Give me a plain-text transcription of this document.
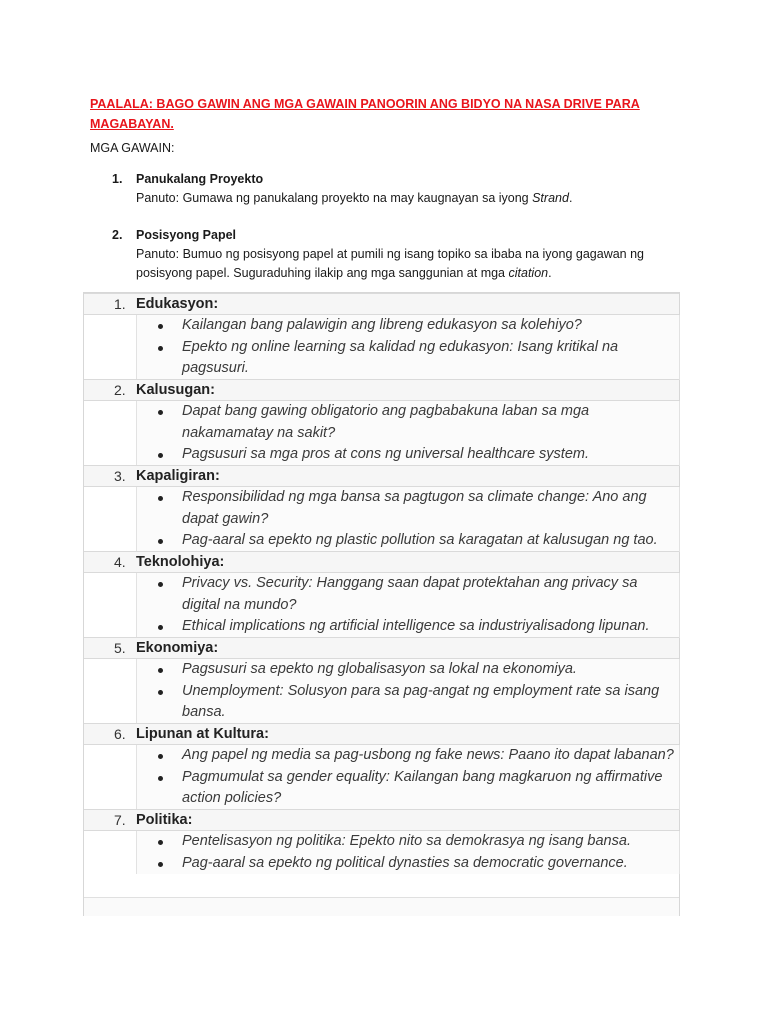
PAALALA: BAGO GAWIN ANG MGA GAWAIN PANOORIN ANG BIDYO NA NASA DRIVE PARA MAGABAYAN.
MGA GAWAIN:
1. Panukalang Proyekto
Panuto: Gumawa ng panukalang proyekto na may kaugnayan sa iyong Strand.
2. Posisyong Papel
Panuto: Bumuo ng posisyong papel at pumili ng isang topiko sa ibaba na iyong gagawan ng posisyong papel. Suguraduhing ilakip ang mga sanggunian at mga citation.
1. Edukasyon:
Kailangan bang palawigin ang libreng edukasyon sa kolehiyo?
Epekto ng online learning sa kalidad ng edukasyon: Isang kritikal na pagsusuri.
2. Kalusugan:
Dapat bang gawing obligatorio ang pagbabakuna laban sa mga nakamamatay na sakit?
Pagsusuri sa mga pros at cons ng universal healthcare system.
3. Kapaligiran:
Responsibilidad ng mga bansa sa pagtugon sa climate change: Ano ang dapat gawin?
Pag-aaral sa epekto ng plastic pollution sa karagatan at kalusugan ng tao.
4. Teknolohiya:
Privacy vs. Security: Hanggang saan dapat protektahan ang privacy sa digital na mundo?
Ethical implications ng artificial intelligence sa industriyalisadong lipunan.
5. Ekonomiya:
Pagsusuri sa epekto ng globalisasyon sa lokal na ekonomiya.
Unemployment: Solusyon para sa pag-angat ng employment rate sa isang bansa.
6. Lipunan at Kultura:
Ang papel ng media sa pag-usbong ng fake news: Paano ito dapat labanan?
Pagmumulat sa gender equality: Kailangan bang magkaruon ng affirmative action policies?
7. Politika:
Pentelisasyon ng politika: Epekto nito sa demokrasya ng isang bansa.
Pag-aaral sa epekto ng political dynasties sa democratic governance.
